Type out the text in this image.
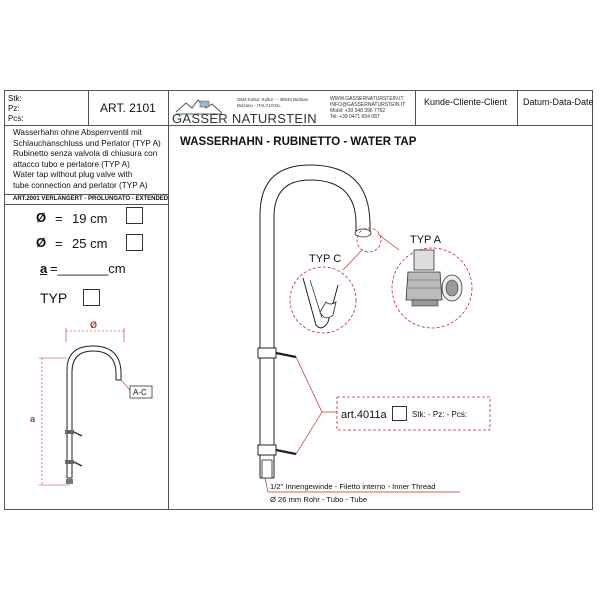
Stk:
Pz:
Pcs:
ART. 2101
GASSER NATURSTEIN
GMZ Kultur. Kultur - - 39040 Barbian
Bolzano - ITALY1OXIL
WWW.GASSERNATURSTEIN.IT
INFO@GASSERNATURSTEIN.IT
Mobil: +39 348 396 7762
Tel: +39 0471 654 087
Kunde-Cliente-Client Datum-Data-Date
Wasserhahn ohne Absperrventil mit
Schlauchanschluss und Perlator (TYP A)
Rubinetto senza valvola di chiusura con
attacco tubo e perlatore (TYP A)
Water tap without plug valve with
tube connection and perlator (TYP A)
ART.2001 VERLÄNGERT - PROLUNGATO - EXTENDED
Ø = 19 cm
Ø = 25 cm
a =_______cm
TYP
Ø
a
A-C
WASSERHAHN - RUBINETTO - WATER TAP
TYP C
TYP A
art.4011a	Stk: - Pz: - Pcs:
1/2" Innengewinde - Filetto interno - Inner Thread
Ø 26 mm Rohr - Tubo - Tube
